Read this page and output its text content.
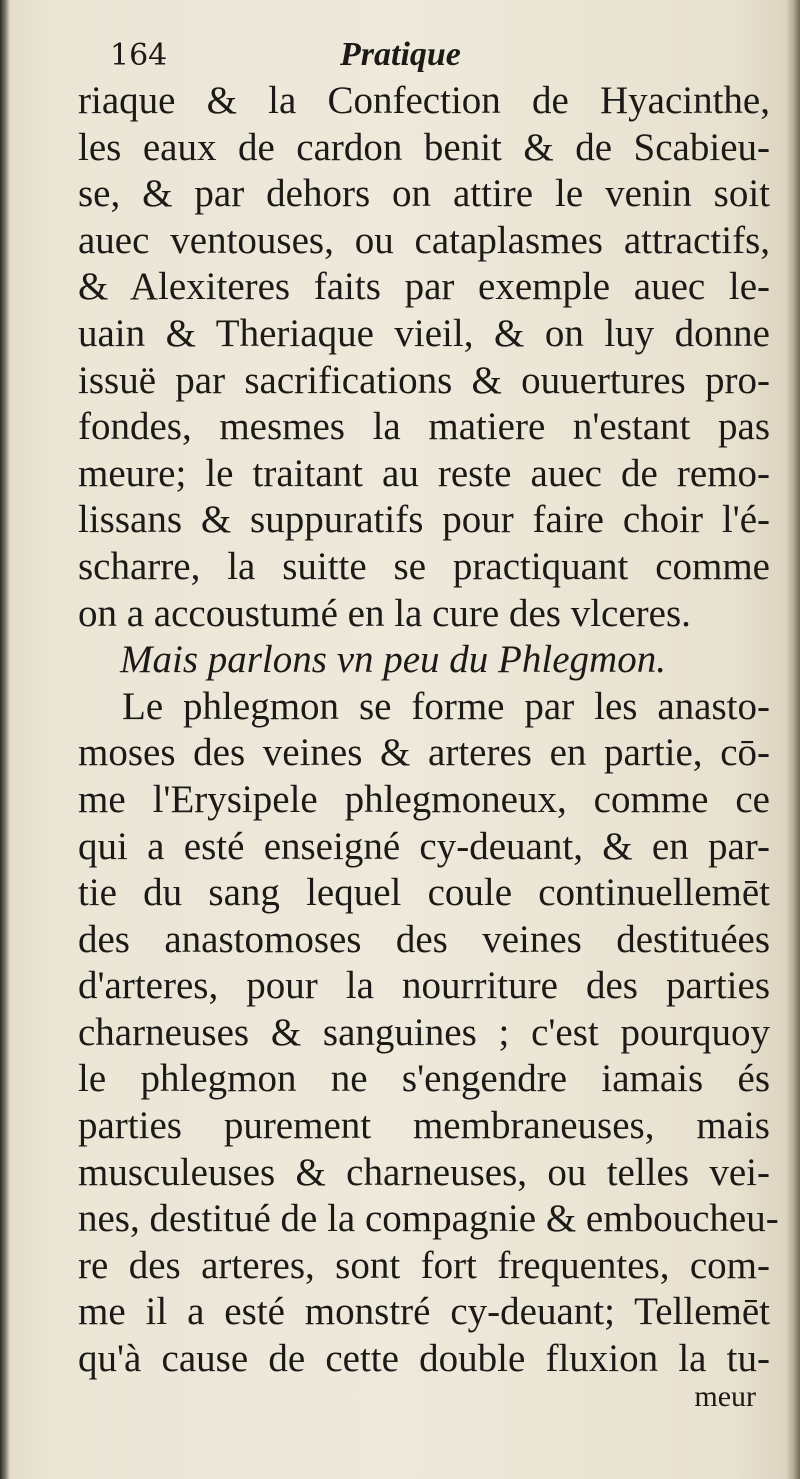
164	Pratique
riaque & la Confection de Hyacinthe,
les eaux de cardon benit & de Scabieu-
se, & par dehors on attire le venin soit
auec ventouses, ou cataplasmes attractifs,
& Alexiteres faits par exemple auec le-
uain & Theriaque vieil, & on luy donne
issuë par sacrifications & ouuertures pro-
fondes, mesmes la matiere n'estant pas
meure; le traitant au reste auec de remo-
lissans & suppuratifs pour faire choir l'é-
scharre, la suitte se practiquant comme
on a accoustumé en la cure des vlceres.
Mais parlons vn peu du Phlegmon.
Le phlegmon se forme par les anasto-
moses des veines & arteres en partie, cō-
me l'Erysipele phlegmoneux, comme ce
qui a esté enseigné cy-deuant, & en par-
tie du sang lequel coule continuellemēt
des anastomoses des veines destituées
d'arteres, pour la nourriture des parties
charneuses & sanguines ; c'est pourquoy
le phlegmon ne s'engendre iamais és
parties purement membraneuses, mais
musculeuses & charneuses, ou telles vei-
nes, destitué de la compagnie & emboucheu-
re des arteres, sont fort frequentes, com-
me il a esté monstré cy-deuant; Tellemēt
qu'à cause de cette double fluxion la tu-
meur
